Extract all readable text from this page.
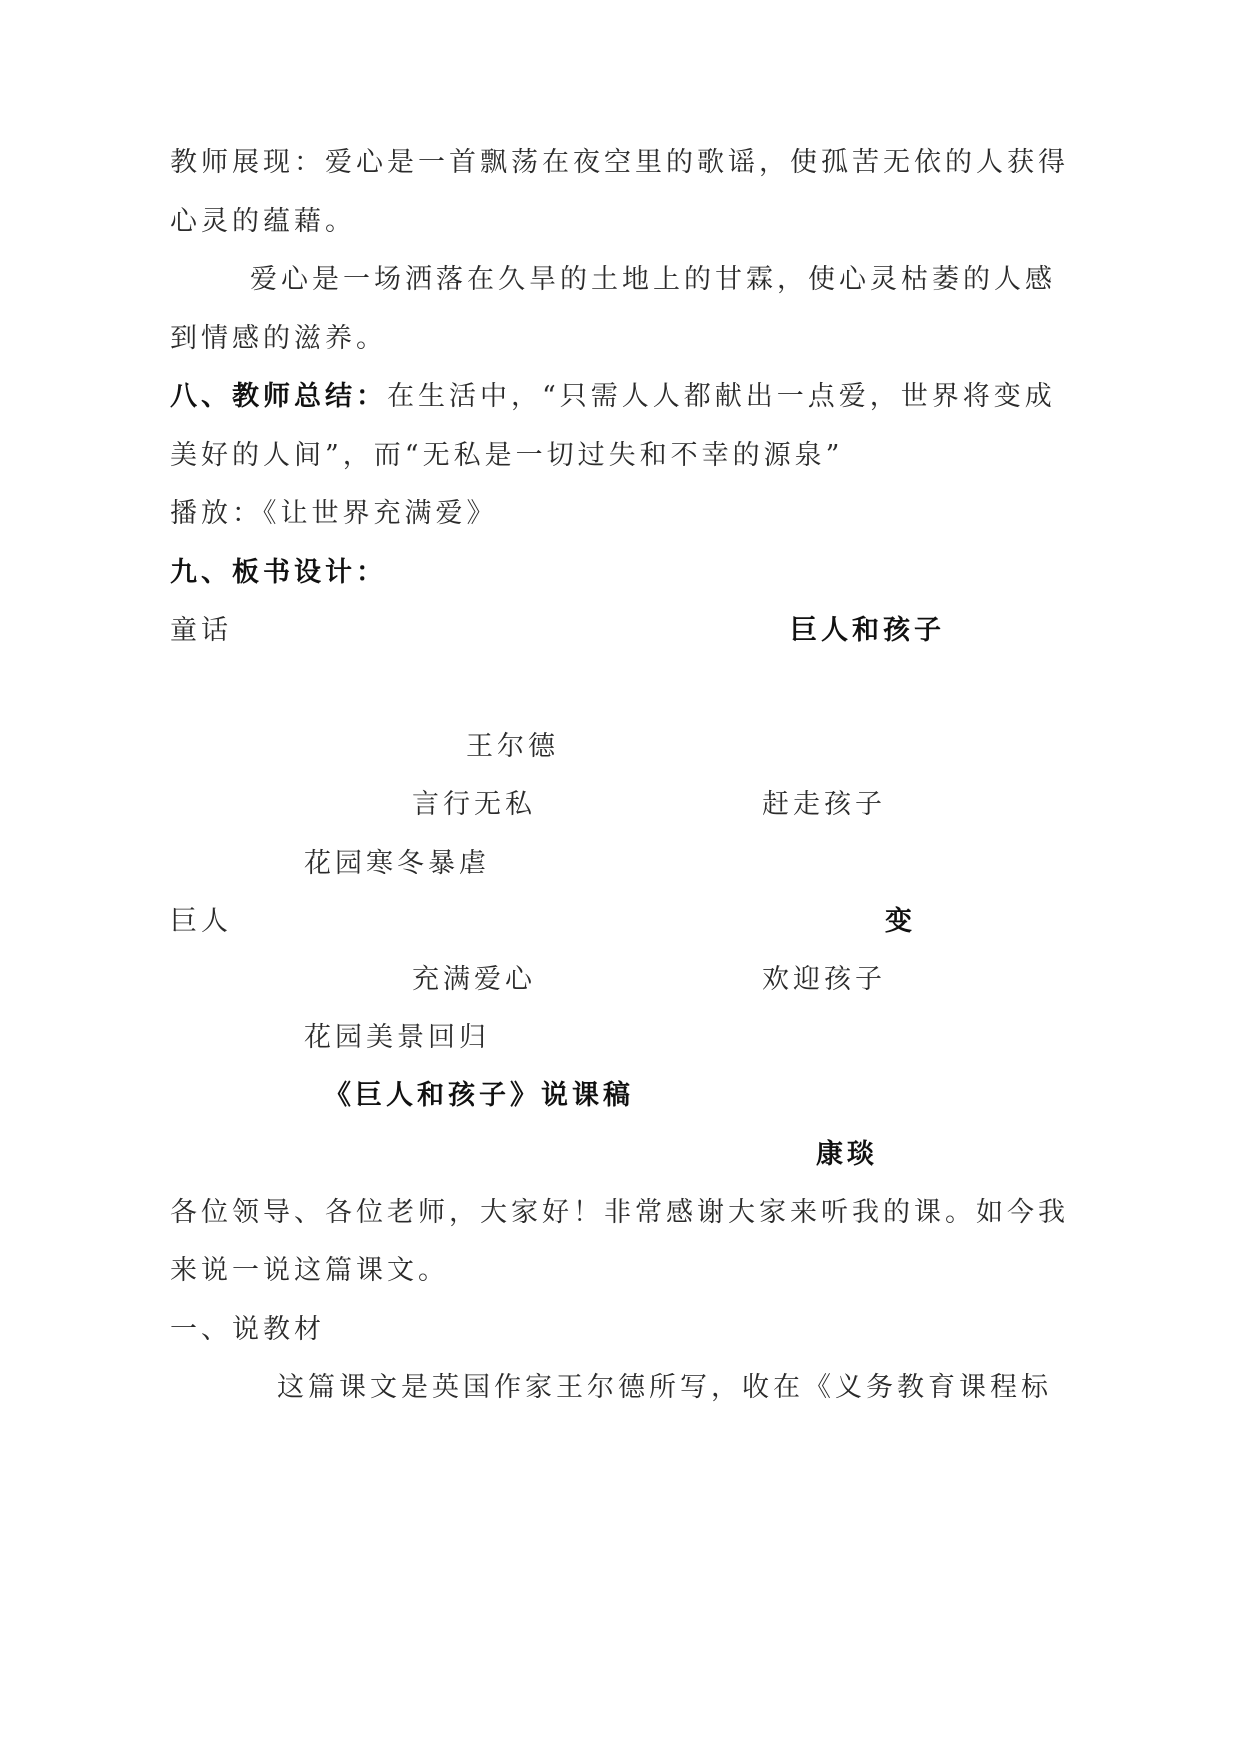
教师展现：爱心是一首飘荡在夜空里的歌谣，使孤苦无依的人获得
心灵的蕴藉。
爱心是一场洒落在久旱的土地上的甘霖，使心灵枯萎的人感
到情感的滋养。
八、教师总结：在生活中，“只需人人都献出一点爱，世界将变成
美好的人间”，而“无私是一切过失和不幸的源泉”
播放：《让世界充满爱》
九、板书设计：
童话	巨人和孩子
王尔德
言行无私	赶走孩子
花园寒冬暴虐
巨人	变
充满爱心	欢迎孩子
花园美景回归
《巨人和孩子》说课稿
康琰
各位领导、各位老师，大家好！非常感谢大家来听我的课。如今我
来说一说这篇课文。
一、说教材
这篇课文是英国作家王尔德所写，收在《义务教育课程标
